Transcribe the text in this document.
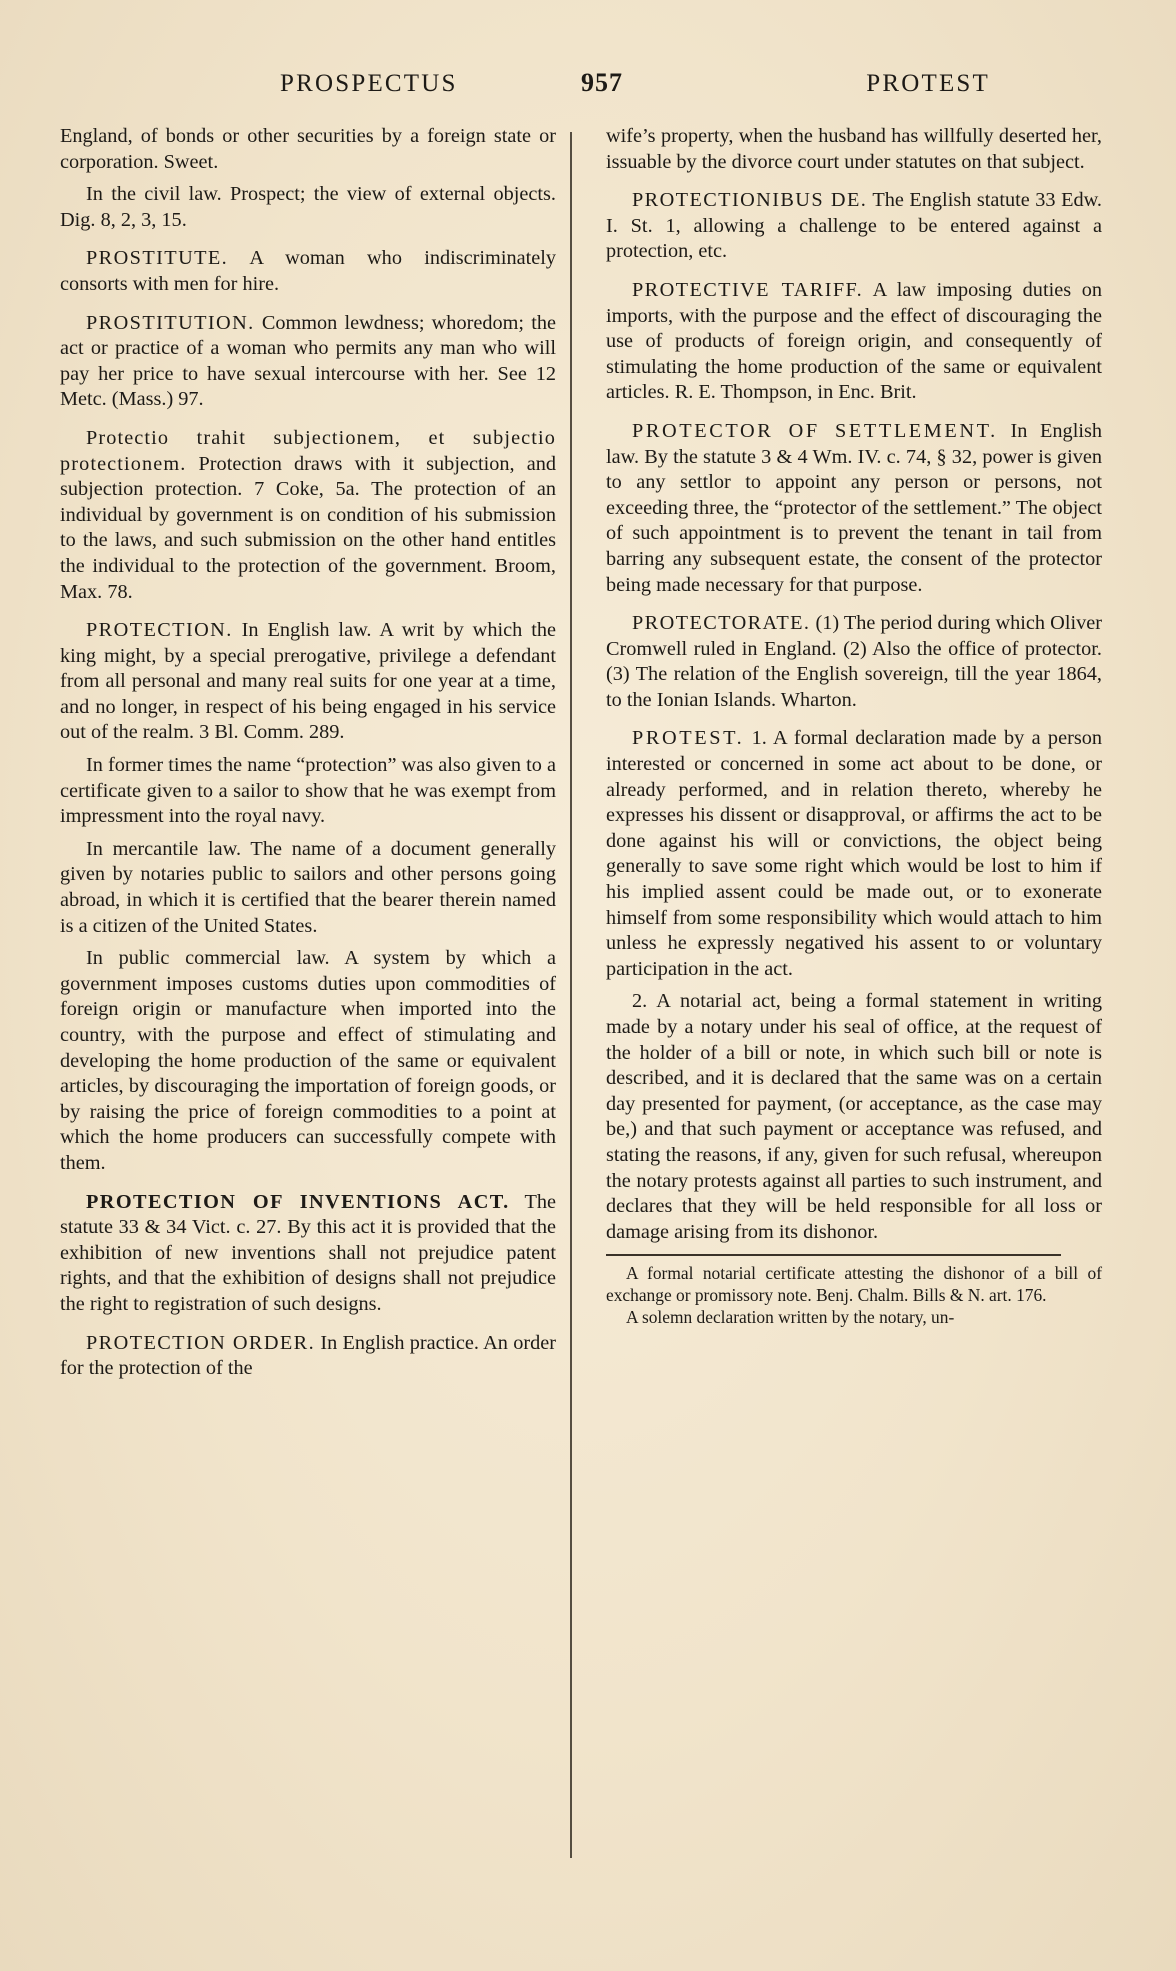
PROSPECTUS	957	PROTEST

England, of bonds or other securities by a foreign state or corporation. Sweet.

In the civil law. Prospect; the view of external objects. Dig. 8, 2, 3, 15.

PROSTITUTE. A woman who indiscriminately consorts with men for hire.

PROSTITUTION. Common lewdness; whoredom; the act or practice of a woman who permits any man who will pay her price to have sexual intercourse with her. See 12 Metc. (Mass.) 97.

Protectio trahit subjectionem, et subjectio protectionem. Protection draws with it subjection, and subjection protection. 7 Coke, 5a. The protection of an individual by government is on condition of his submission to the laws, and such submission on the other hand entitles the individual to the protection of the government. Broom, Max. 78.

PROTECTION. In English law. A writ by which the king might, by a special prerogative, privilege a defendant from all personal and many real suits for one year at a time, and no longer, in respect of his being engaged in his service out of the realm. 3 Bl. Comm. 289.

In former times the name “protection” was also given to a certificate given to a sailor to show that he was exempt from impressment into the royal navy.

In mercantile law. The name of a document generally given by notaries public to sailors and other persons going abroad, in which it is certified that the bearer therein named is a citizen of the United States.

In public commercial law. A system by which a government imposes customs duties upon commodities of foreign origin or manufacture when imported into the country, with the purpose and effect of stimulating and developing the home production of the same or equivalent articles, by discouraging the importation of foreign goods, or by raising the price of foreign commodities to a point at which the home producers can successfully compete with them.

PROTECTION OF INVENTIONS ACT. The statute 33 & 34 Vict. c. 27. By this act it is provided that the exhibition of new inventions shall not prejudice patent rights, and that the exhibition of designs shall not prejudice the right to registration of such designs.

PROTECTION ORDER. In English practice. An order for the protection of the

wife’s property, when the husband has willfully deserted her, issuable by the divorce court under statutes on that subject.

PROTECTIONIBUS DE. The English statute 33 Edw. I. St. 1, allowing a challenge to be entered against a protection, etc.

PROTECTIVE TARIFF. A law imposing duties on imports, with the purpose and the effect of discouraging the use of products of foreign origin, and consequently of stimulating the home production of the same or equivalent articles. R. E. Thompson, in Enc. Brit.

PROTECTOR OF SETTLEMENT. In English law. By the statute 3 & 4 Wm. IV. c. 74, § 32, power is given to any settlor to appoint any person or persons, not exceeding three, the “protector of the settlement.” The object of such appointment is to prevent the tenant in tail from barring any subsequent estate, the consent of the protector being made necessary for that purpose.

PROTECTORATE. (1) The period during which Oliver Cromwell ruled in England. (2) Also the office of protector. (3) The relation of the English sovereign, till the year 1864, to the Ionian Islands. Wharton.

PROTEST. 1. A formal declaration made by a person interested or concerned in some act about to be done, or already performed, and in relation thereto, whereby he expresses his dissent or disapproval, or affirms the act to be done against his will or convictions, the object being generally to save some right which would be lost to him if his implied assent could be made out, or to exonerate himself from some responsibility which would attach to him unless he expressly negatived his assent to or voluntary participation in the act.

2. A notarial act, being a formal statement in writing made by a notary under his seal of office, at the request of the holder of a bill or note, in which such bill or note is described, and it is declared that the same was on a certain day presented for payment, (or acceptance, as the case may be,) and that such payment or acceptance was refused, and stating the reasons, if any, given for such refusal, whereupon the notary protests against all parties to such instrument, and declares that they will be held responsible for all loss or damage arising from its dishonor.

A formal notarial certificate attesting the dishonor of a bill of exchange or promissory note. Benj. Chalm. Bills & N. art. 176.

A solemn declaration written by the notary, un-
